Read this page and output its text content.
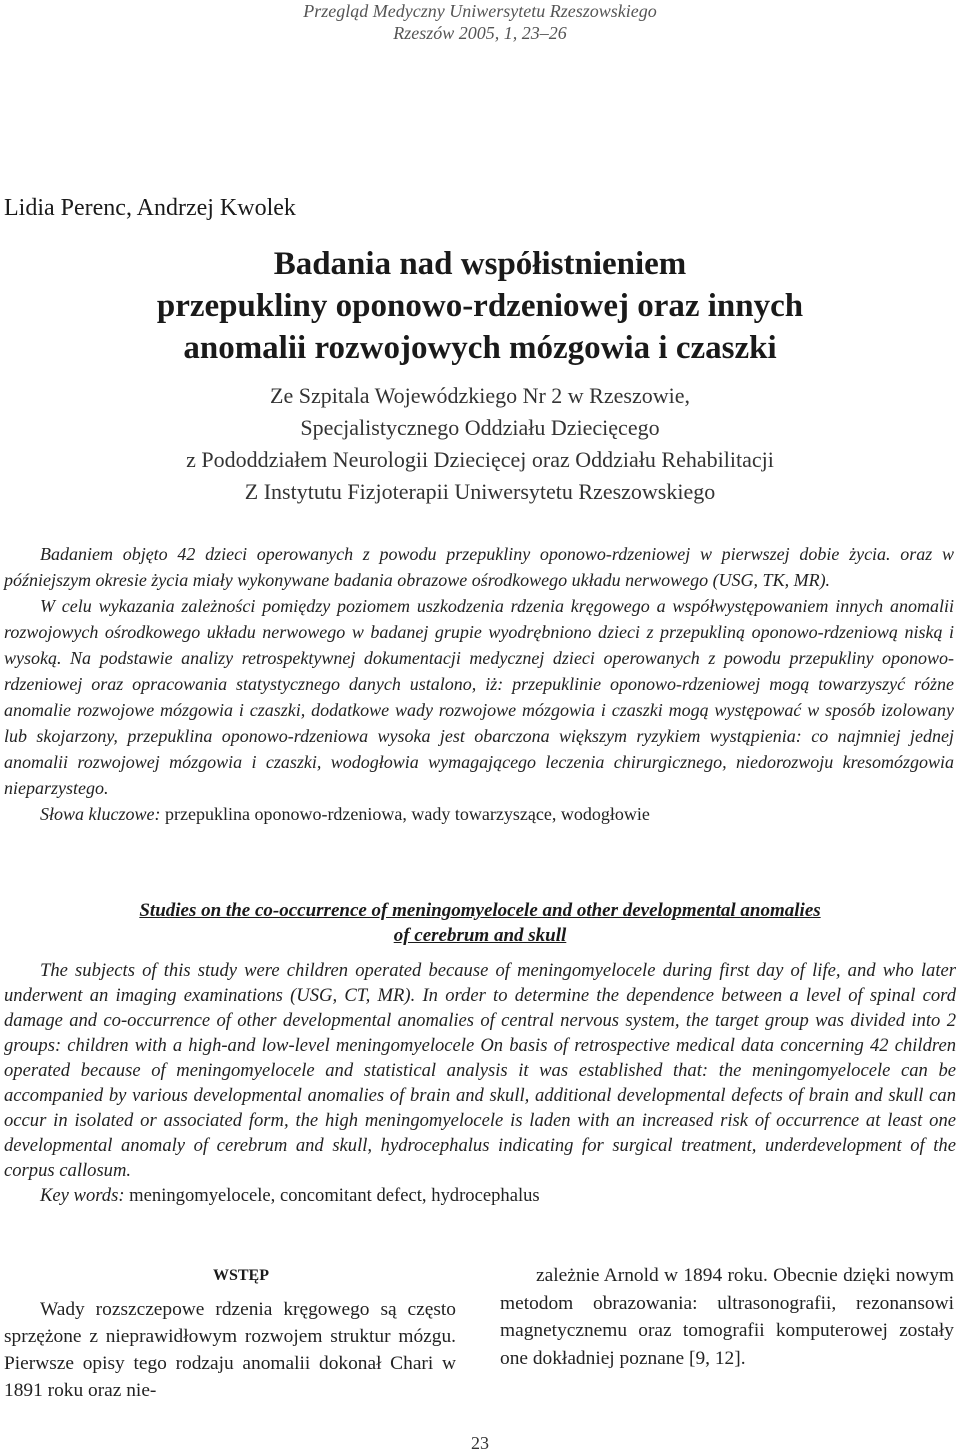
Przegląd Medyczny Uniwersytetu Rzeszowskiego
Rzeszów 2005, 1, 23–26
Lidia Perenc, Andrzej Kwolek
Badania nad współistnieniem
przepukliny oponowo-rdzeniowej oraz innych
anomalii rozwojowych mózgowia i czaszki
Ze Szpitala Wojewódzkiego Nr 2 w Rzeszowie,
Specjalistycznego Oddziału Dziecięcego
z Pododdziałem Neurologii Dziecięcej oraz Oddziału Rehabilitacji
Z Instytutu Fizjoterapii Uniwersytetu Rzeszowskiego

Badaniem objęto 42 dzieci operowanych z powodu przepukliny oponowo-rdzeniowej w pierwszej dobie życia. oraz w późniejszym okresie życia miały wykonywane badania obrazowe ośrodkowego układu nerwowego (USG, TK, MR).

W celu wykazania zależności pomiędzy poziomem uszkodzenia rdzenia kręgowego a współwystępowaniem innych anomalii rozwojowych ośrodkowego układu nerwowego w badanej grupie wyodrębniono dzieci z przepukliną oponowo-rdzeniową niską i wysoką. Na podstawie analizy retrospektywnej dokumentacji medycznej dzieci operowanych z powodu przepukliny oponowo-rdzeniowej oraz opracowania statystycznego danych ustalono, iż: przepuklinie oponowo-rdzeniowej mogą towarzyszyć różne anomalie rozwojowe mózgowia i czaszki, dodatkowe wady rozwojowe mózgowia i czaszki mogą występować w sposób izolowany lub skojarzony, przepuklina oponowo-rdzeniowa wysoka jest obarczona większym ryzykiem wystąpienia: co najmniej jednej anomalii rozwojowej mózgowia i czaszki, wodogłowia wymagającego leczenia chirurgicznego, niedorozwoju kresomózgowia nieparzystego.

Słowa kluczowe: przepuklina oponowo-rdzeniowa, wady towarzyszące, wodogłowie

Studies on the co-occurrence of meningomyelocele and other developmental anomalies
of cerebrum and skull

The subjects of this study were children operated because of meningomyelocele during first day of life, and who later underwent an imaging examinations (USG, CT, MR). In order to determine the dependence between a level of spinal cord damage and co-occurrence of other developmental anomalies of central nervous system, the target group was divided into 2 groups: children with a high-and low-level meningomyelocele On basis of retrospective medical data concerning 42 children operated because of meningomyelocele and statistical analysis it was established that: the meningomyelocele can be accompanied by various developmental anomalies of brain and skull, additional developmental defects of brain and skull can occur in isolated or associated form, the high meningomyelocele is laden with an increased risk of occurrence at least one developmental anomaly of cerebrum and skull, hydrocephalus indicating for surgical treatment, underdevelopment of the corpus callosum.

Key words: meningomyelocele, concomitant defect, hydrocephalus

WSTĘP

Wady rozszczepowe rdzenia kręgowego są często sprzężone z nieprawidłowym rozwojem struktur mózgu. Pierwsze opisy tego rodzaju anomalii dokonał Chari w 1891 roku oraz nie-

zależnie Arnold w 1894 roku. Obecnie dzięki nowym metodom obrazowania: ultrasonografii, rezonansowi magnetycznemu oraz tomografii komputerowej zostały one dokładniej poznane [9, 12].

23
